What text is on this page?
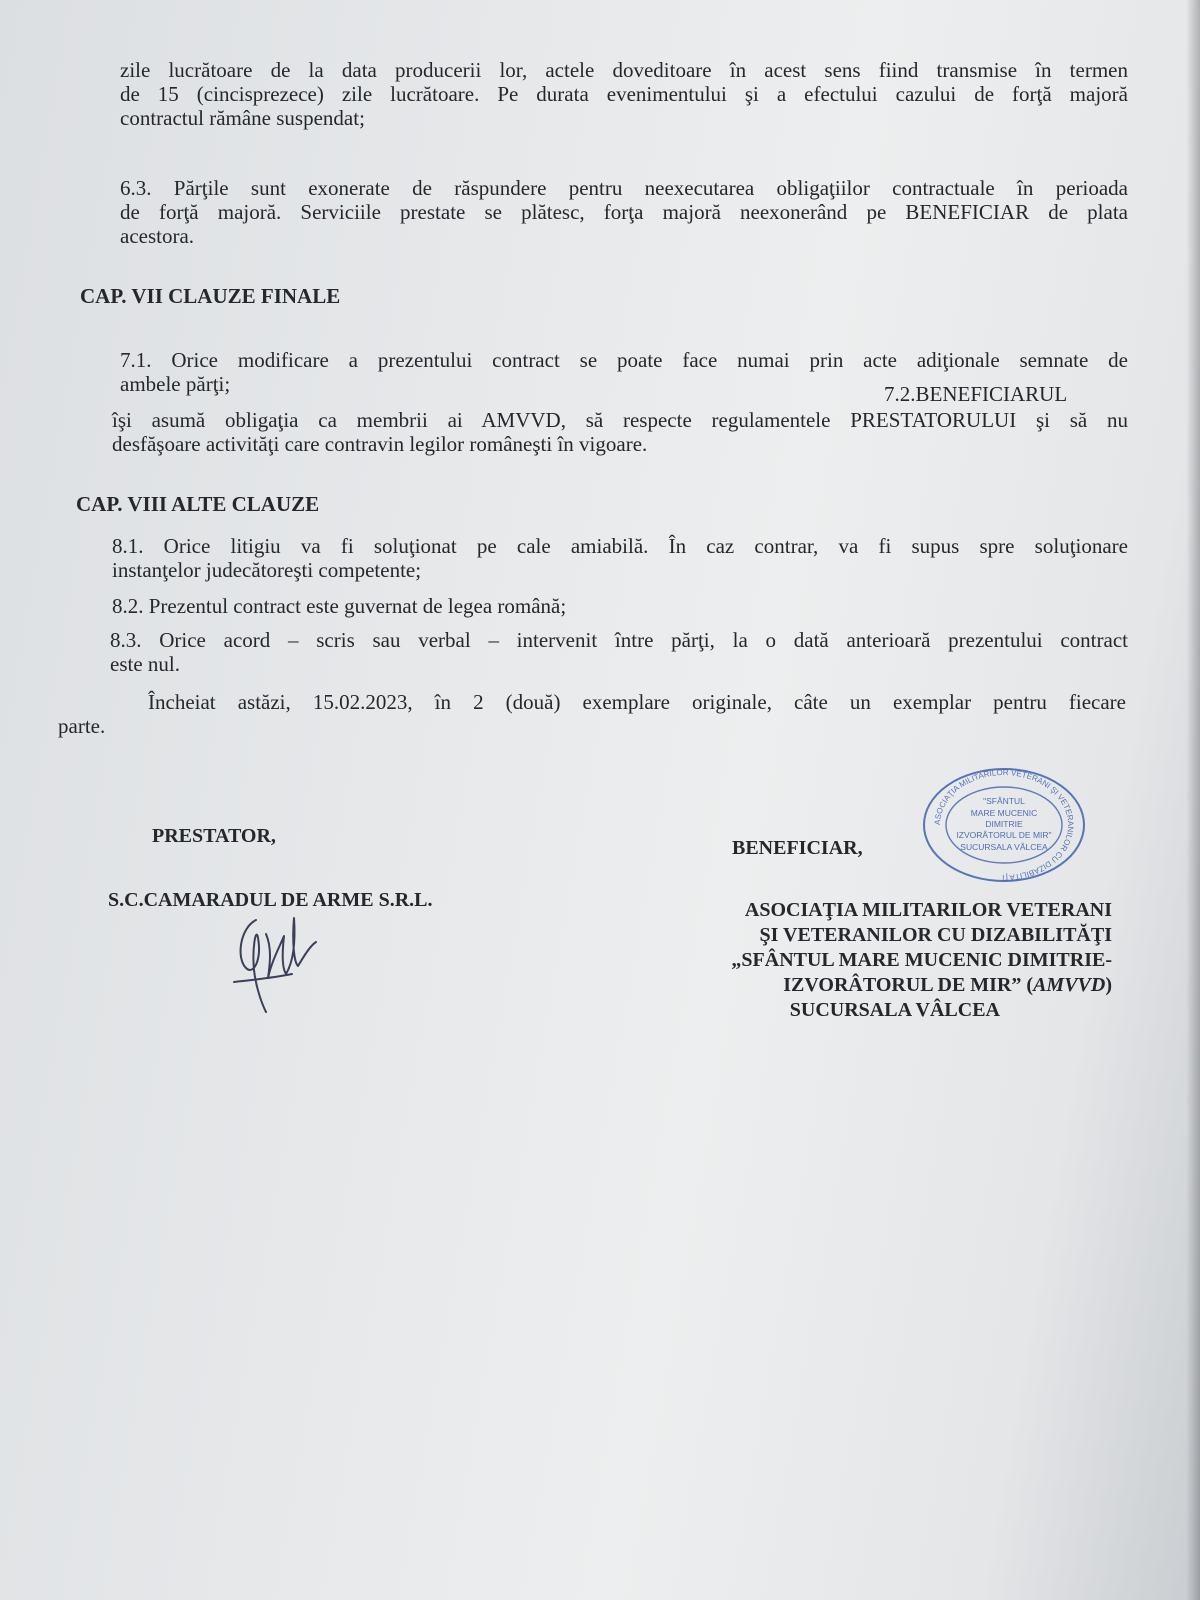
zile lucrătoare de la data producerii lor, actele doveditoare în acest sens fiind transmise în termen
de 15 (cincisprezece) zile lucrătoare. Pe durata evenimentului şi a efectului cazului de forţă majoră
contractul rămâne suspendat;
6.3. Părţile sunt exonerate de răspundere pentru neexecutarea obligaţiilor contractuale în perioada
de forţă majoră. Serviciile prestate se plătesc, forţa majoră neexonerând pe BENEFICIAR de plata
acestora.
CAP. VII CLAUZE FINALE
7.1. Orice modificare a prezentului contract se poate face numai prin acte adiţionale semnate de
ambele părţi;	7.2.BENEFICIARUL
îşi asumă obligaţia ca membrii ai AMVVD, să respecte regulamentele PRESTATORULUI şi să nu
desfăşoare activităţi care contravin legilor româneşti în vigoare.
CAP. VIII ALTE CLAUZE
8.1. Orice litigiu va fi soluţionat pe cale amiabilă. În caz contrar, va fi supus spre soluţionare
instanţelor judecătoreşti competente;
8.2. Prezentul contract este guvernat de legea română;
8.3. Orice acord – scris sau verbal – intervenit între părţi, la o dată anterioară prezentului contract
este nul.
Încheiat astăzi, 15.02.2023, în 2 (două) exemplare originale, câte un exemplar pentru fiecare
parte.
PRESTATOR,
S.C.CAMARADUL DE ARME S.R.L.
BENEFICIAR,
ASOCIAŢIA MILITARILOR VETERANI
ŞI VETERANILOR CU DIZABILITĂŢI
„SFÂNTUL MARE MUCENIC DIMITRIE-
IZVORÂTORUL DE MIR” (AMVVD)
SUCURSALA VÂLCEA
ASOCIAŢIA MILITARILOR VETERANI ŞI VETERANILOR CU DIZABILITĂŢI
"SFÂNTUL
MARE MUCENIC
DIMITRIE
IZVORÂTORUL DE MIR"
SUCURSALA VÂLCEA
